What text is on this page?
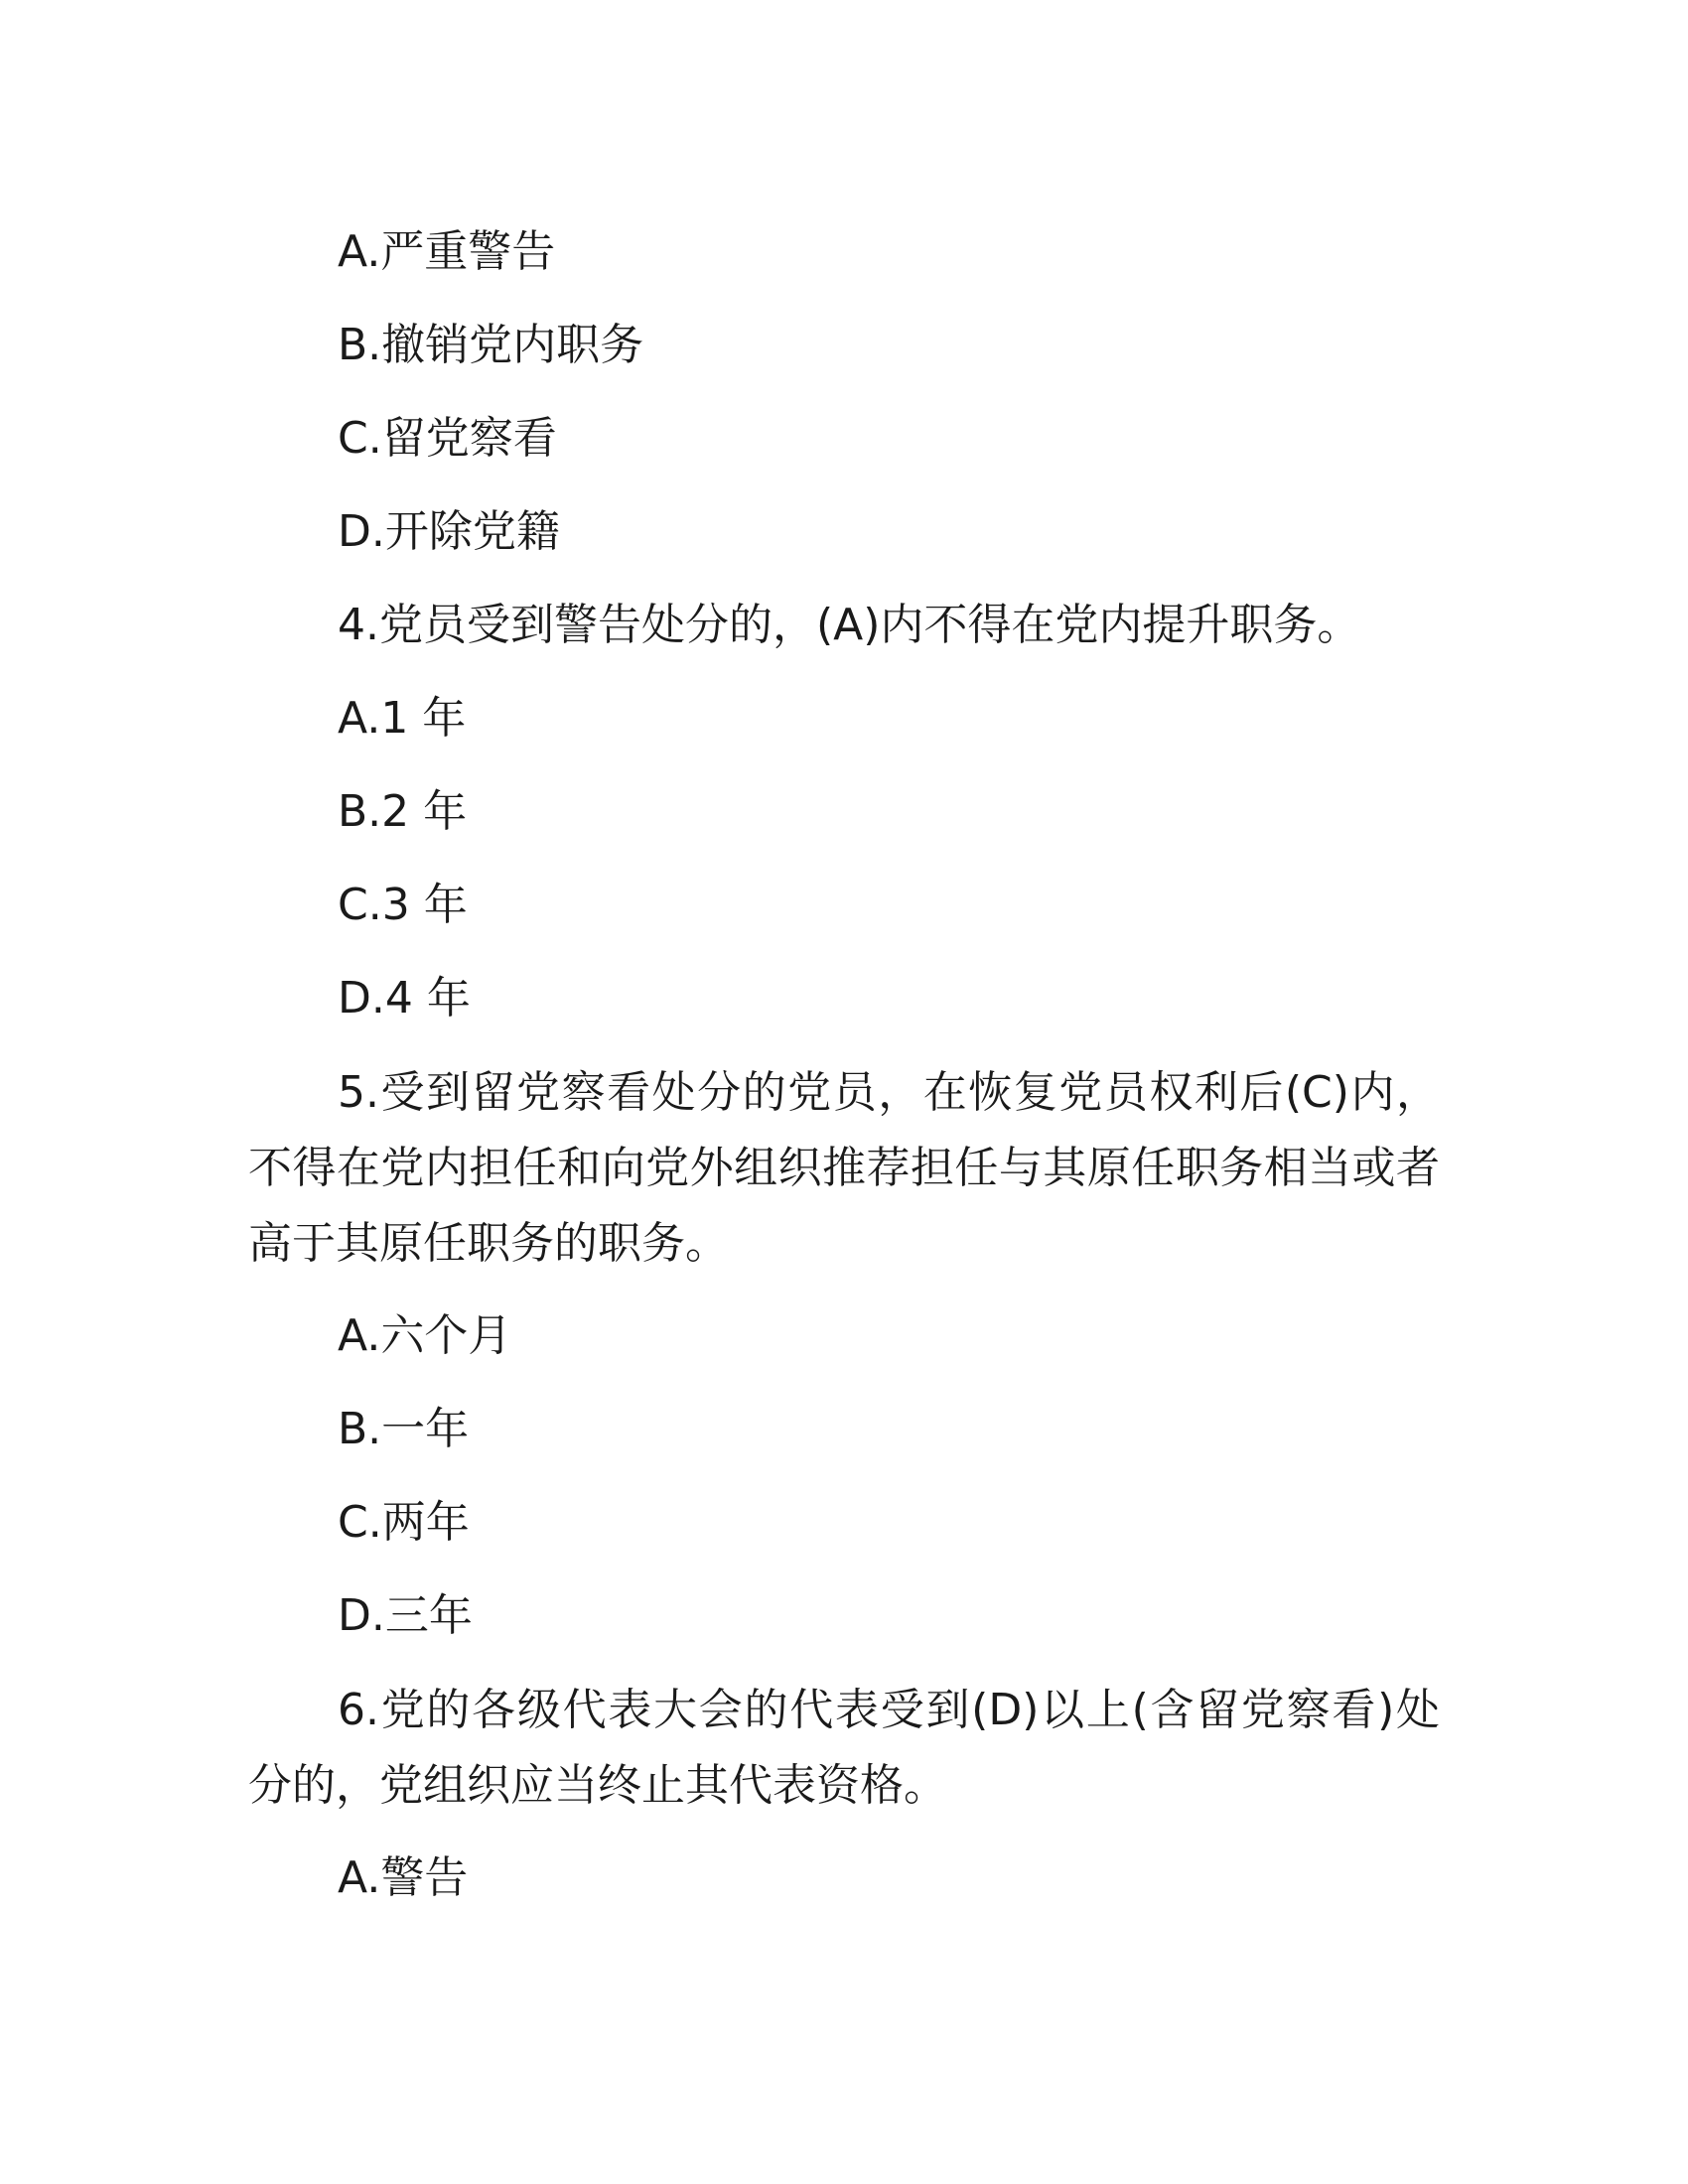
A.严重警告

B.撤销党内职务

C.留党察看

D.开除党籍

4.党员受到警告处分的，(A)内不得在党内提升职务。

A.1 年

B.2 年

C.3 年

D.4 年

5.受到留党察看处分的党员，在恢复党员权利后(C)内，不得在党内担任和向党外组织推荐担任与其原任职务相当或者高于其原任职务的职务。

A.六个月

B.一年

C.两年

D.三年

6.党的各级代表大会的代表受到(D)以上(含留党察看)处分的，党组织应当终止其代表资格。

A.警告
